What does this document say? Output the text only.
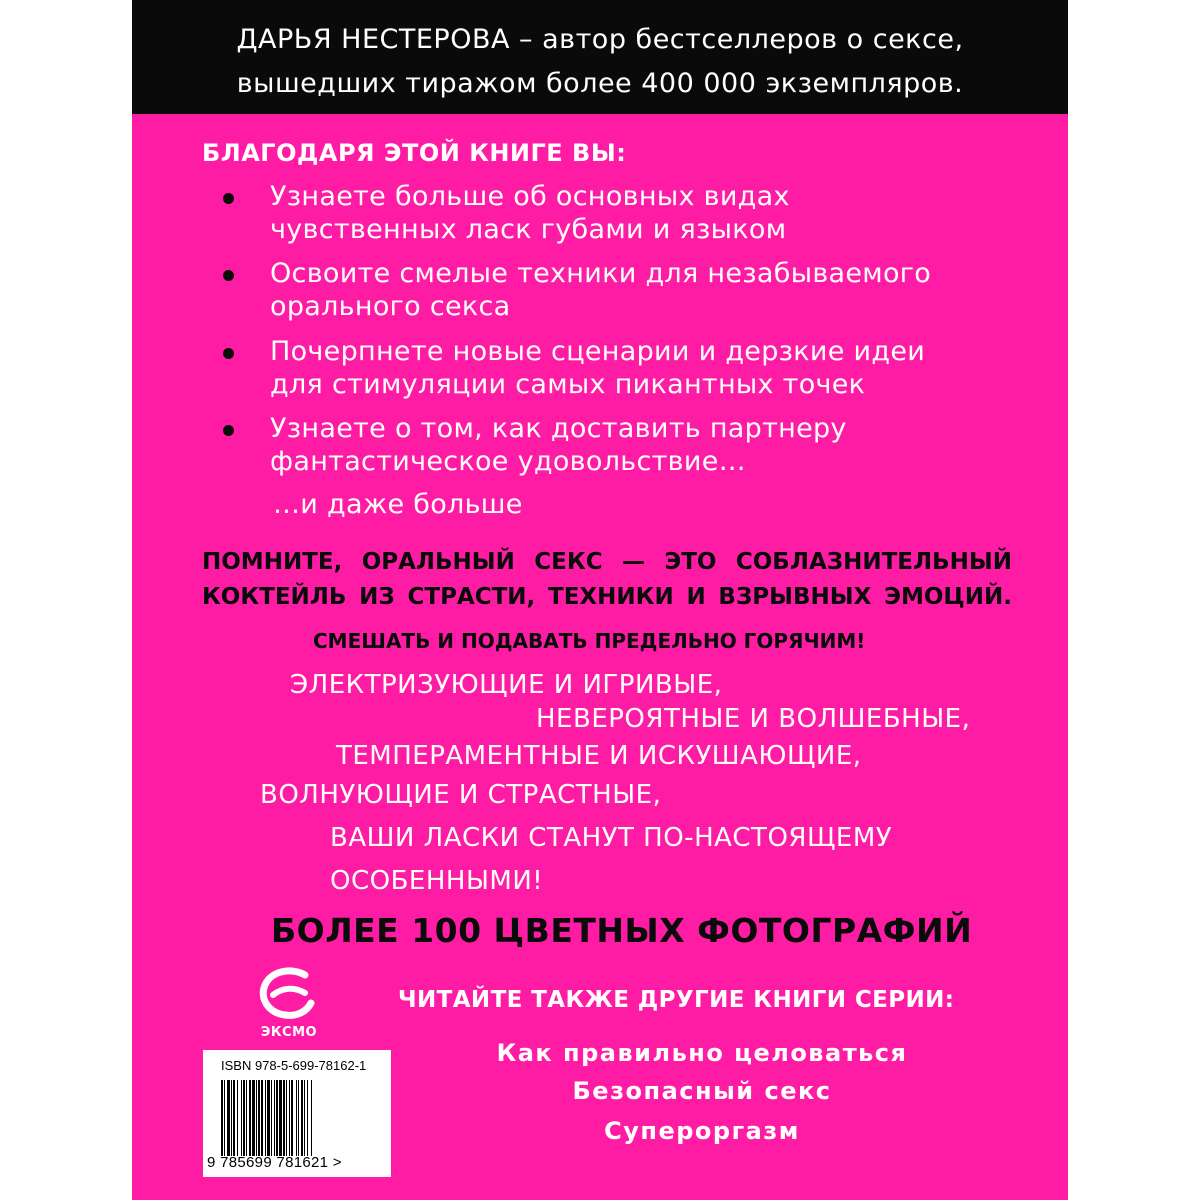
ДАРЬЯ НЕСТЕРОВА – автор бестселлеров о сексе,
вышедших тиражом более 400 000 экземпляров.
БЛАГОДАРЯ ЭТОЙ КНИГЕ ВЫ:
Узнаете больше об основных видах
чувственных ласк губами и языком
Освоите смелые техники для незабываемого
орального секса
Почерпнете новые сценарии и дерзкие идеи
для стимуляции самых пикантных точек
Узнаете о том, как доставить партнеру
фантастическое удовольствие…
…и даже больше
ПОМНИТЕ, ОРАЛЬНЫЙ СЕКС — ЭТО СОБЛАЗНИТЕЛЬНЫЙ
КОКТЕЙЛЬ ИЗ СТРАСТИ, ТЕХНИКИ И ВЗРЫВНЫХ ЭМОЦИЙ.
СМЕШАТЬ И ПОДАВАТЬ ПРЕДЕЛЬНО ГОРЯЧИМ!
ЭЛЕКТРИЗУЮЩИЕ И ИГРИВЫЕ,
НЕВЕРОЯТНЫЕ И ВОЛШЕБНЫЕ,
ТЕМПЕРАМЕНТНЫЕ И ИСКУШАЮЩИЕ,
ВОЛНУЮЩИЕ И СТРАСТНЫЕ,
ВАШИ ЛАСКИ СТАНУТ ПО-НАСТОЯЩЕМУ
ОСОБЕННЫМИ!
БОЛЕЕ 100 ЦВЕТНЫХ ФОТОГРАФИЙ
ЭКСМО
ЧИТАЙТЕ ТАКЖЕ ДРУГИЕ КНИГИ СЕРИИ:
Как правильно целоваться
Безопасный секс
Супероргазм
ISBN 978-5-699-78162-1
9 785699 781621 >
